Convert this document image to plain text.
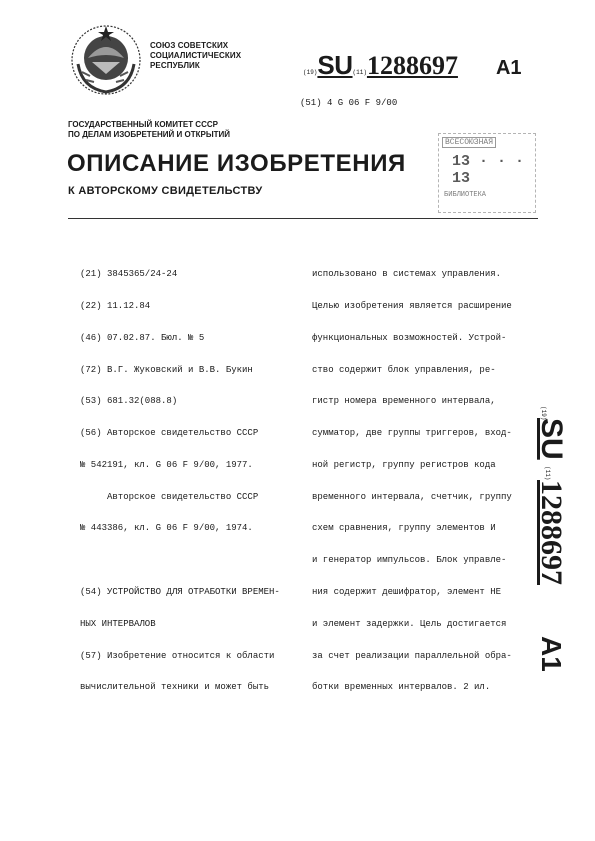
СОЮЗ СОВЕТСКИХ
СОЦИАЛИСТИЧЕСКИХ
РЕСПУБЛИК
(19)SU(11)1288697 A1
(51) 4 G 06 F 9/00
ГОСУДАРСТВЕННЫЙ КОМИТЕТ СССР
ПО ДЕЛАМ ИЗОБРЕТЕНИЙ И ОТКРЫТИЙ
ОПИСАНИЕ ИЗОБРЕТЕНИЯ
К АВТОРСКОМУ СВИДЕТЕЛЬСТВУ
ВСЕСОЮЗНАЯ
13 · · · 13
БИБЛИОТЕКА

(21) 3845365/24-24

(22) 11.12.84

(46) 07.02.87. Бюл. № 5

(72) В.Г. Жуковский и В.В. Букин

(53) 681.32(088.8)

(56) Авторское свидетельство СССР

№ 542191, кл. G 06 F 9/00, 1977.

Авторское свидетельство СССР

№ 443386, кл. G 06 F 9/00, 1974.

(54) УСТРОЙСТВО ДЛЯ ОТРАБОТКИ ВРЕМЕН-

НЫХ ИНТЕРВАЛОВ

(57) Изобретение относится к области

вычислительной техники и может быть

использовано в системах управления.

Целью изобретения является расширение

функциональных возможностей. Устрой-

ство содержит блок управления, ре-

гистр номера временного интервала,

сумматор, две группы триггеров, вход-

ной регистр, группу регистров кода

временного интервала, счетчик, группу

схем сравнения, группу элементов И

и генератор импульсов. Блок управле-

ния содержит дешифратор, элемент НЕ

и элемент задержки. Цель достигается

за счет реализации параллельной обра-

ботки временных интервалов. 2 ил.

(19)
SU
(11)
1288697
A1
